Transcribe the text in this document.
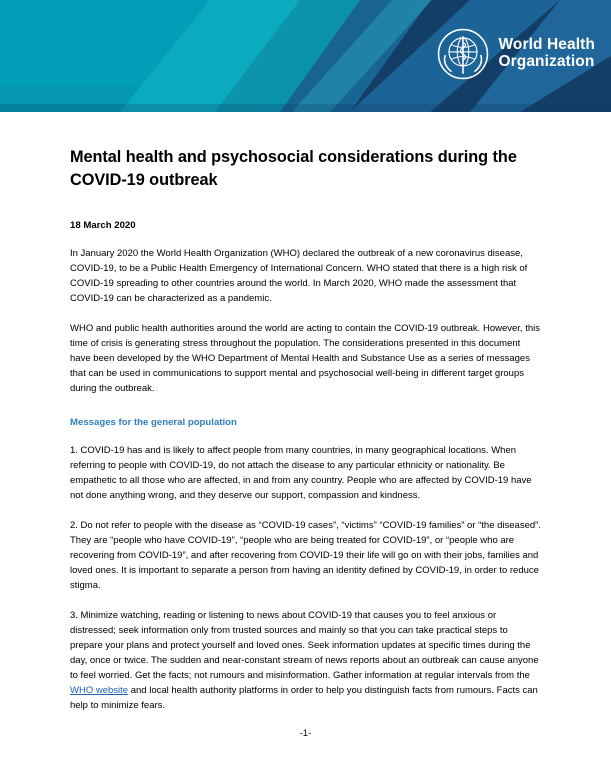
World Health
Organization
Mental health and psychosocial considerations during the COVID-19 outbreak
18 March 2020

In January 2020 the World Health Organization (WHO) declared the outbreak of a new coronavirus disease, COVID-19, to be a Public Health Emergency of International Concern. WHO stated that there is a high risk of COVID-19 spreading to other countries around the world. In March 2020, WHO made the assessment that COVID-19 can be characterized as a pandemic.

WHO and public health authorities around the world are acting to contain the COVID-19 outbreak. However, this time of crisis is generating stress throughout the population. The considerations presented in this document have been developed by the WHO Department of Mental Health and Substance Use as a series of messages that can be used in communications to support mental and psychosocial well-being in different target groups during the outbreak.

Messages for the general population

1. COVID-19 has and is likely to affect people from many countries, in many geographical locations. When referring to people with COVID-19, do not attach the disease to any particular ethnicity or nationality. Be empathetic to all those who are affected, in and from any country. People who are affected by COVID-19 have not done anything wrong, and they deserve our support, compassion and kindness.

2. Do not refer to people with the disease as “COVID-19 cases”, “victims” “COVID-19 families” or “the diseased”. They are “people who have COVID-19”, “people who are being treated for COVID-19”, or “people who are recovering from COVID-19”, and after recovering from COVID-19 their life will go on with their jobs, families and loved ones. It is important to separate a person from having an identity defined by COVID-19, in order to reduce stigma.

3. Minimize watching, reading or listening to news about COVID-19 that causes you to feel anxious or distressed; seek information only from trusted sources and mainly so that you can take practical steps to prepare your plans and protect yourself and loved ones. Seek information updates at specific times during the day, once or twice. The sudden and near-constant stream of news reports about an outbreak can cause anyone to feel worried. Get the facts; not rumours and misinformation. Gather information at regular intervals from the WHO website and local health authority platforms in order to help you distinguish facts from rumours. Facts can help to minimize fears.

-1-
